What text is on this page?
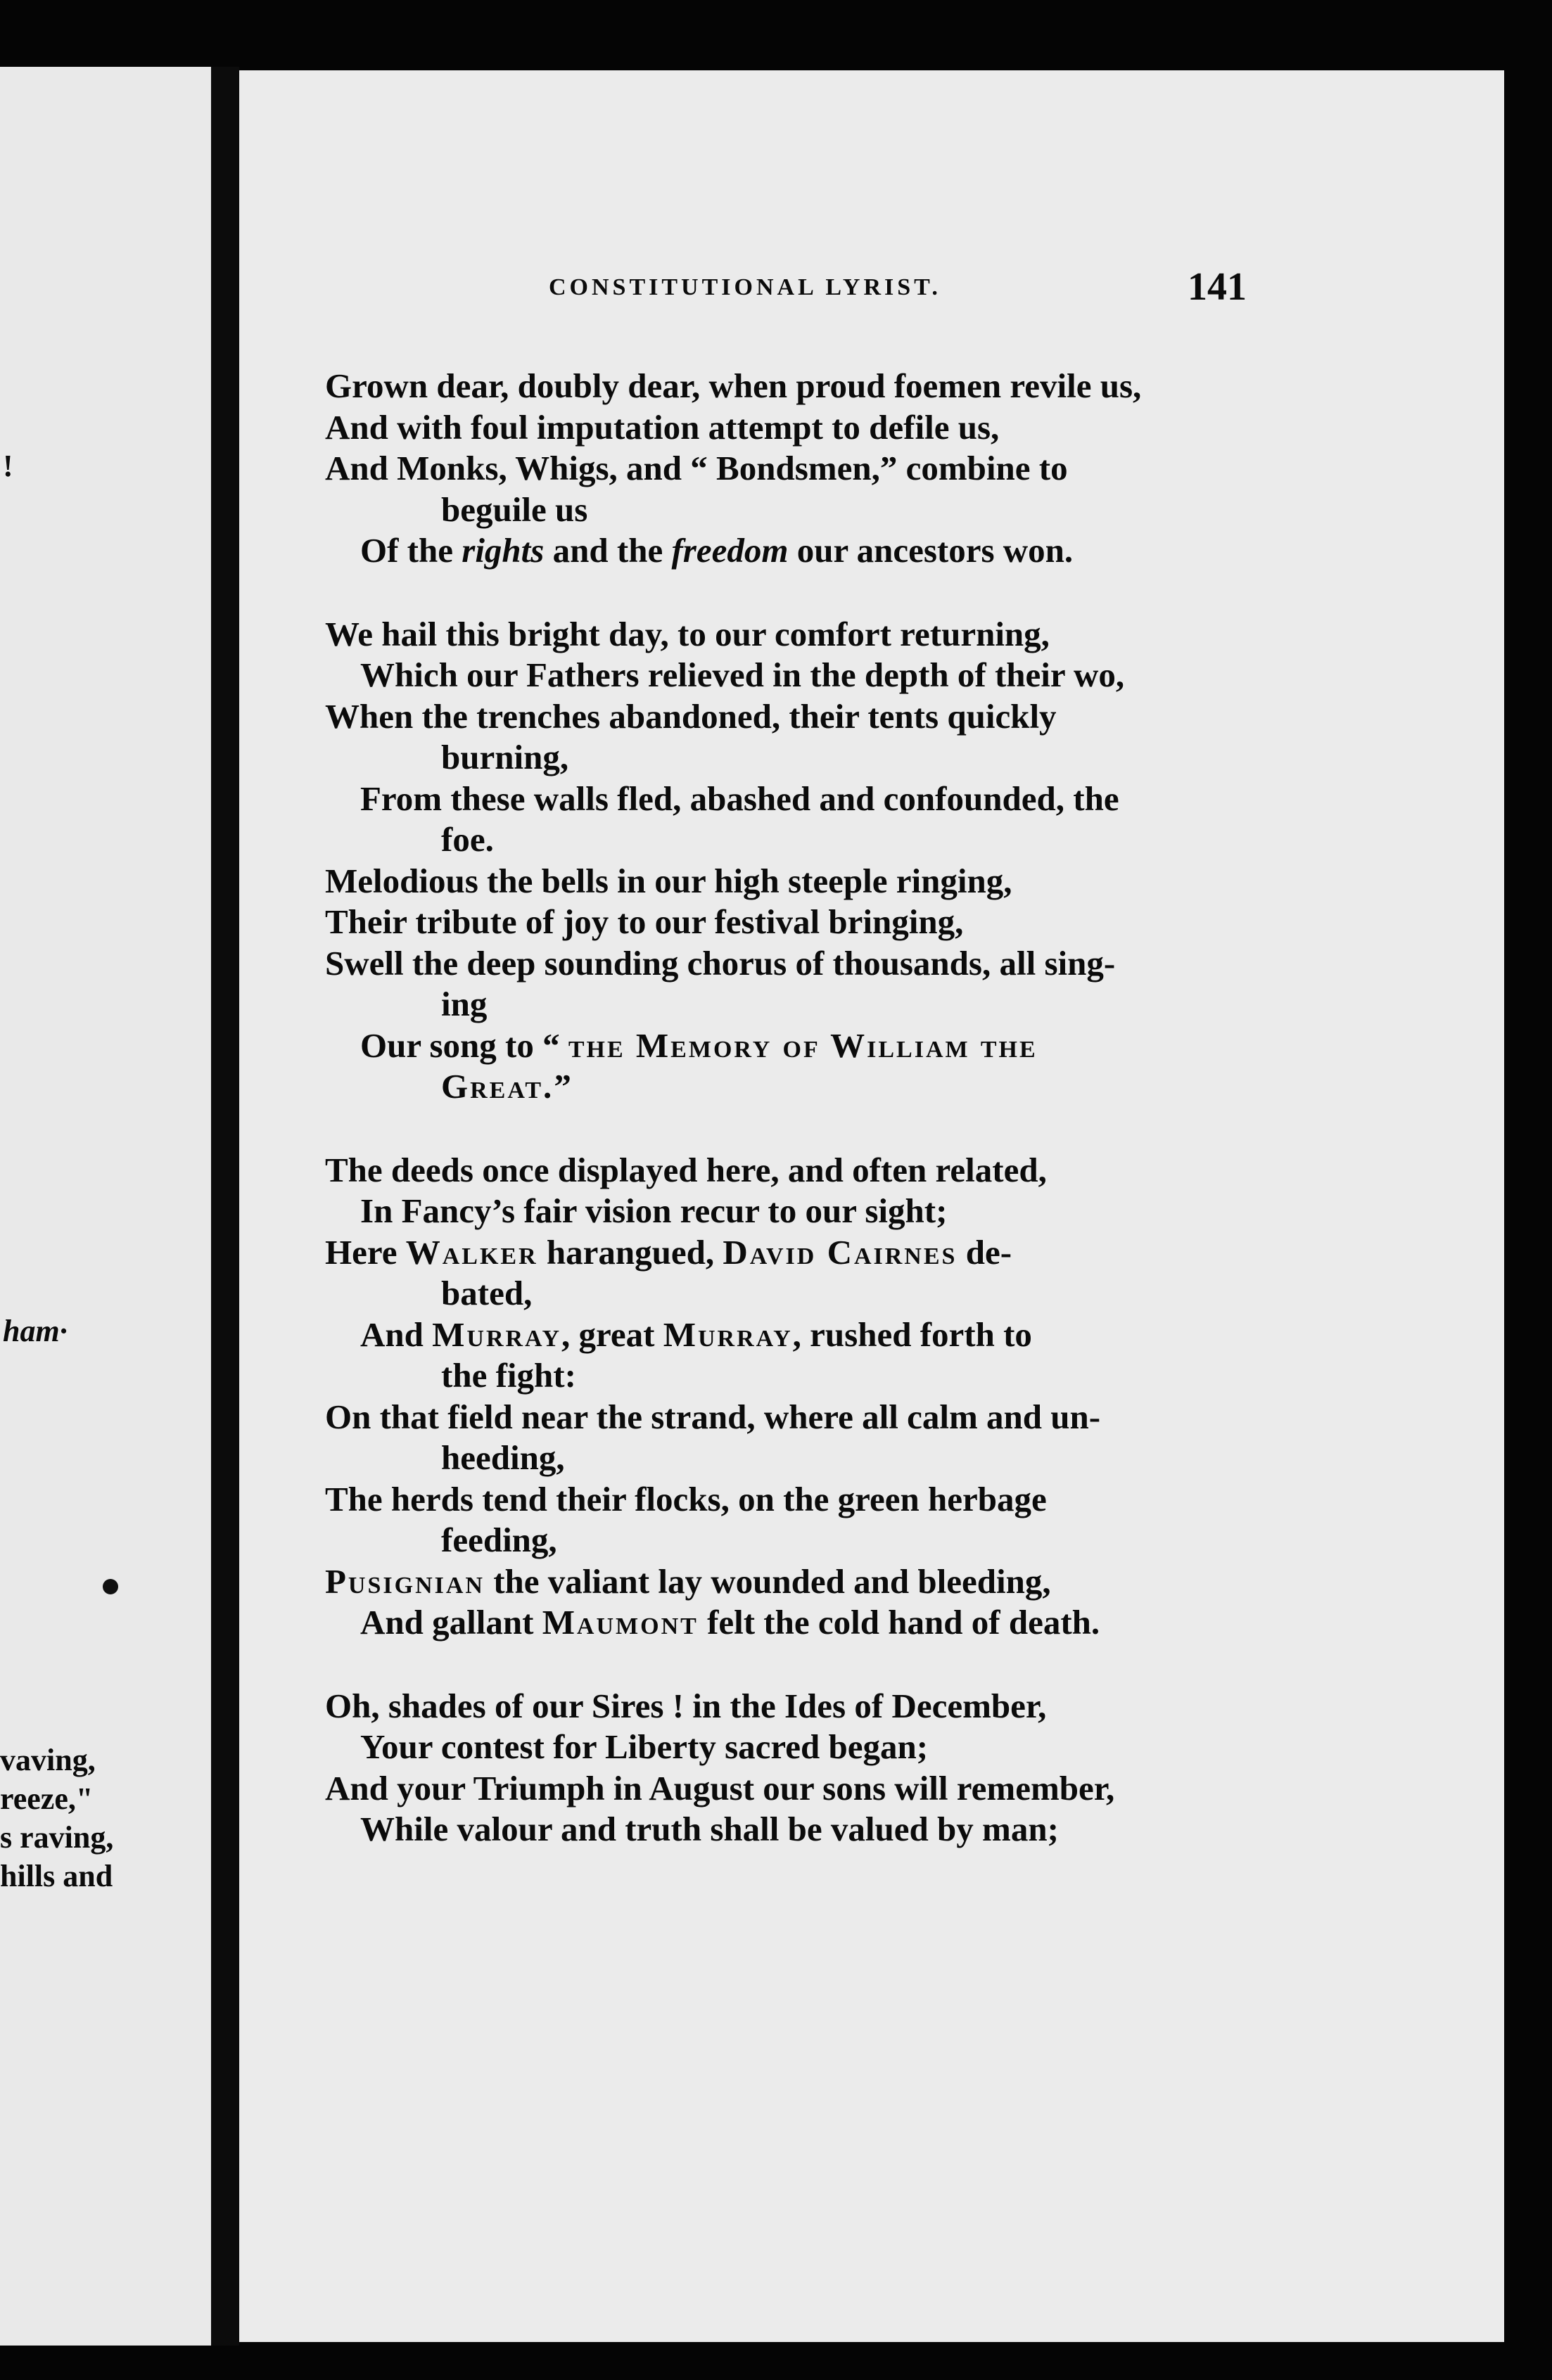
!
ham·
vaving,
reeze,"
s raving,
hills and
CONSTITUTIONAL LYRIST.	141
Grown dear, doubly dear, when proud foemen revile us,
And with foul imputation attempt to defile us,
And Monks, Whigs, and “ Bondsmen,” combine to
beguile us
Of the rights and the freedom our ancestors won.
We hail this bright day, to our comfort returning,
Which our Fathers relieved in the depth of their wo,
When the trenches abandoned, their tents quickly
burning,
From these walls fled, abashed and confounded, the
foe.
Melodious the bells in our high steeple ringing,
Their tribute of joy to our festival bringing,
Swell the deep sounding chorus of thousands, all sing-
ing
Our song to “ the Memory of William the
Great.”
The deeds once displayed here, and often related,
In Fancy’s fair vision recur to our sight;
Here Walker harangued, David Cairnes de-
bated,
And Murray, great Murray, rushed forth to
the fight:
On that field near the strand, where all calm and un-
heeding,
The herds tend their flocks, on the green herbage
feeding,
Pusignian the valiant lay wounded and bleeding,
And gallant Maumont felt the cold hand of death.
Oh, shades of our Sires ! in the Ides of December,
Your contest for Liberty sacred began;
And your Triumph in August our sons will remember,
While valour and truth shall be valued by man;
